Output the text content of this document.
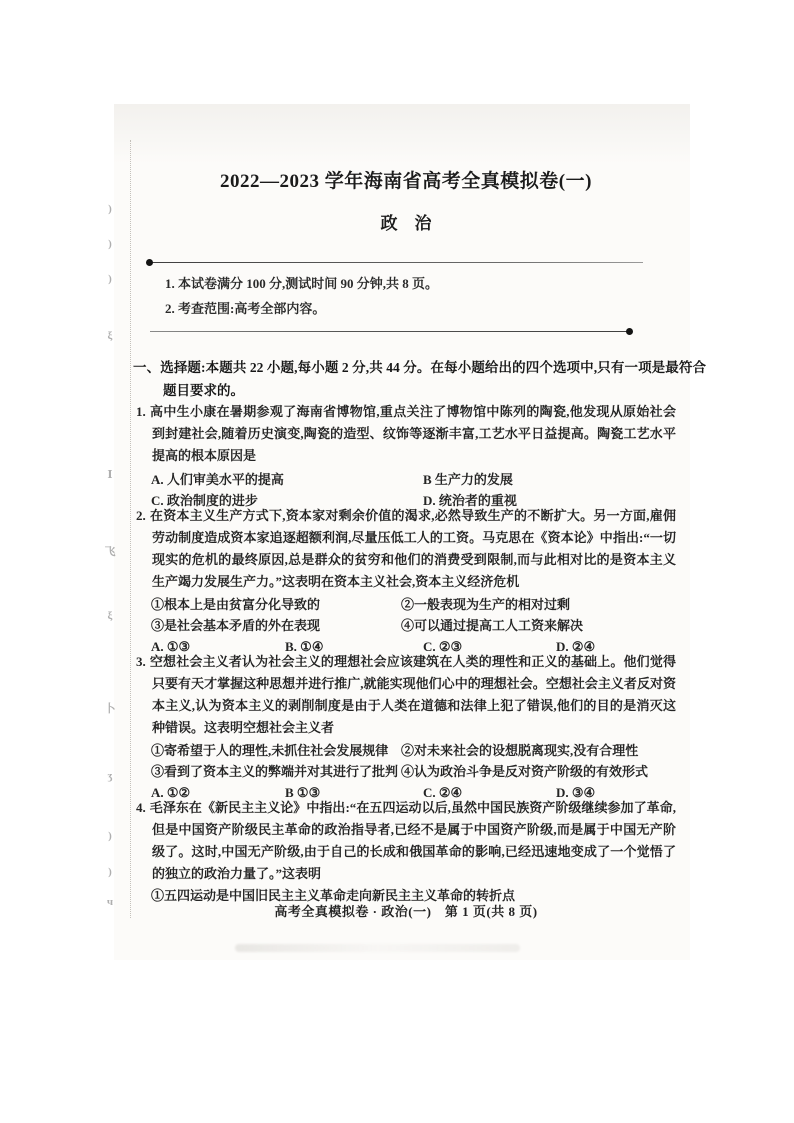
)
)
)
ξ
Ⅰ
飞
ξ
卜
ʒ
)
)
ч
2022—2023 学年海南省高考全真模拟卷(一)
政　治
1. 本试卷满分 100 分,测试时间 90 分钟,共 8 页。
2. 考查范围:高考全部内容。
一、选择题:本题共 22 小题,每小题 2 分,共 44 分。在每小题给出的四个选项中,只有一项是最符合题目要求的。
1. 高中生小康在暑期参观了海南省博物馆,重点关注了博物馆中陈列的陶瓷,他发现从原始社会到封建社会,随着历史演变,陶瓷的造型、纹饰等逐渐丰富,工艺水平日益提高。陶瓷工艺水平提高的根本原因是
A. 人们审美水平的提高	B 生产力的发展
C. 政治制度的进步	D. 统治者的重视
2. 在资本主义生产方式下,资本家对剩余价值的渴求,必然导致生产的不断扩大。另一方面,雇佣劳动制度造成资本家追逐超额利润,尽量压低工人的工资。马克思在《资本论》中指出:“一切现实的危机的最终原因,总是群众的贫穷和他们的消费受到限制,而与此相对比的是资本主义生产竭力发展生产力。”这表明在资本主义社会,资本主义经济危机
①根本上是由贫富分化导致的	②一般表现为生产的相对过剩
③是社会基本矛盾的外在表现	④可以通过提高工人工资来解决
A. ①③	B. ①④	C. ②③	D. ②④
3. 空想社会主义者认为社会主义的理想社会应该建筑在人类的理性和正义的基础上。他们觉得只要有天才掌握这种思想并进行推广,就能实现他们心中的理想社会。空想社会主义者反对资本主义,认为资本主义的剥削制度是由于人类在道德和法律上犯了错误,他们的目的是消灭这种错误。这表明空想社会主义者
①寄希望于人的理性,未抓住社会发展规律 ②对未来社会的设想脱离现实,没有合理性
③看到了资本主义的弊端并对其进行了批判 ④认为政治斗争是反对资产阶级的有效形式
A. ①②	B ①③	C. ②④	D. ③④
4. 毛泽东在《新民主主义论》中指出:“在五四运动以后,虽然中国民族资产阶级继续参加了革命,但是中国资产阶级民主革命的政治指导者,已经不是属于中国资产阶级,而是属于中国无产阶级了。这时,中国无产阶级,由于自己的长成和俄国革命的影响,已经迅速地变成了一个觉悟了的独立的政治力量了。”这表明
①五四运动是中国旧民主主义革命走向新民主主义革命的转折点
高考全真模拟卷 · 政治(一)　第 1 页(共 8 页)
